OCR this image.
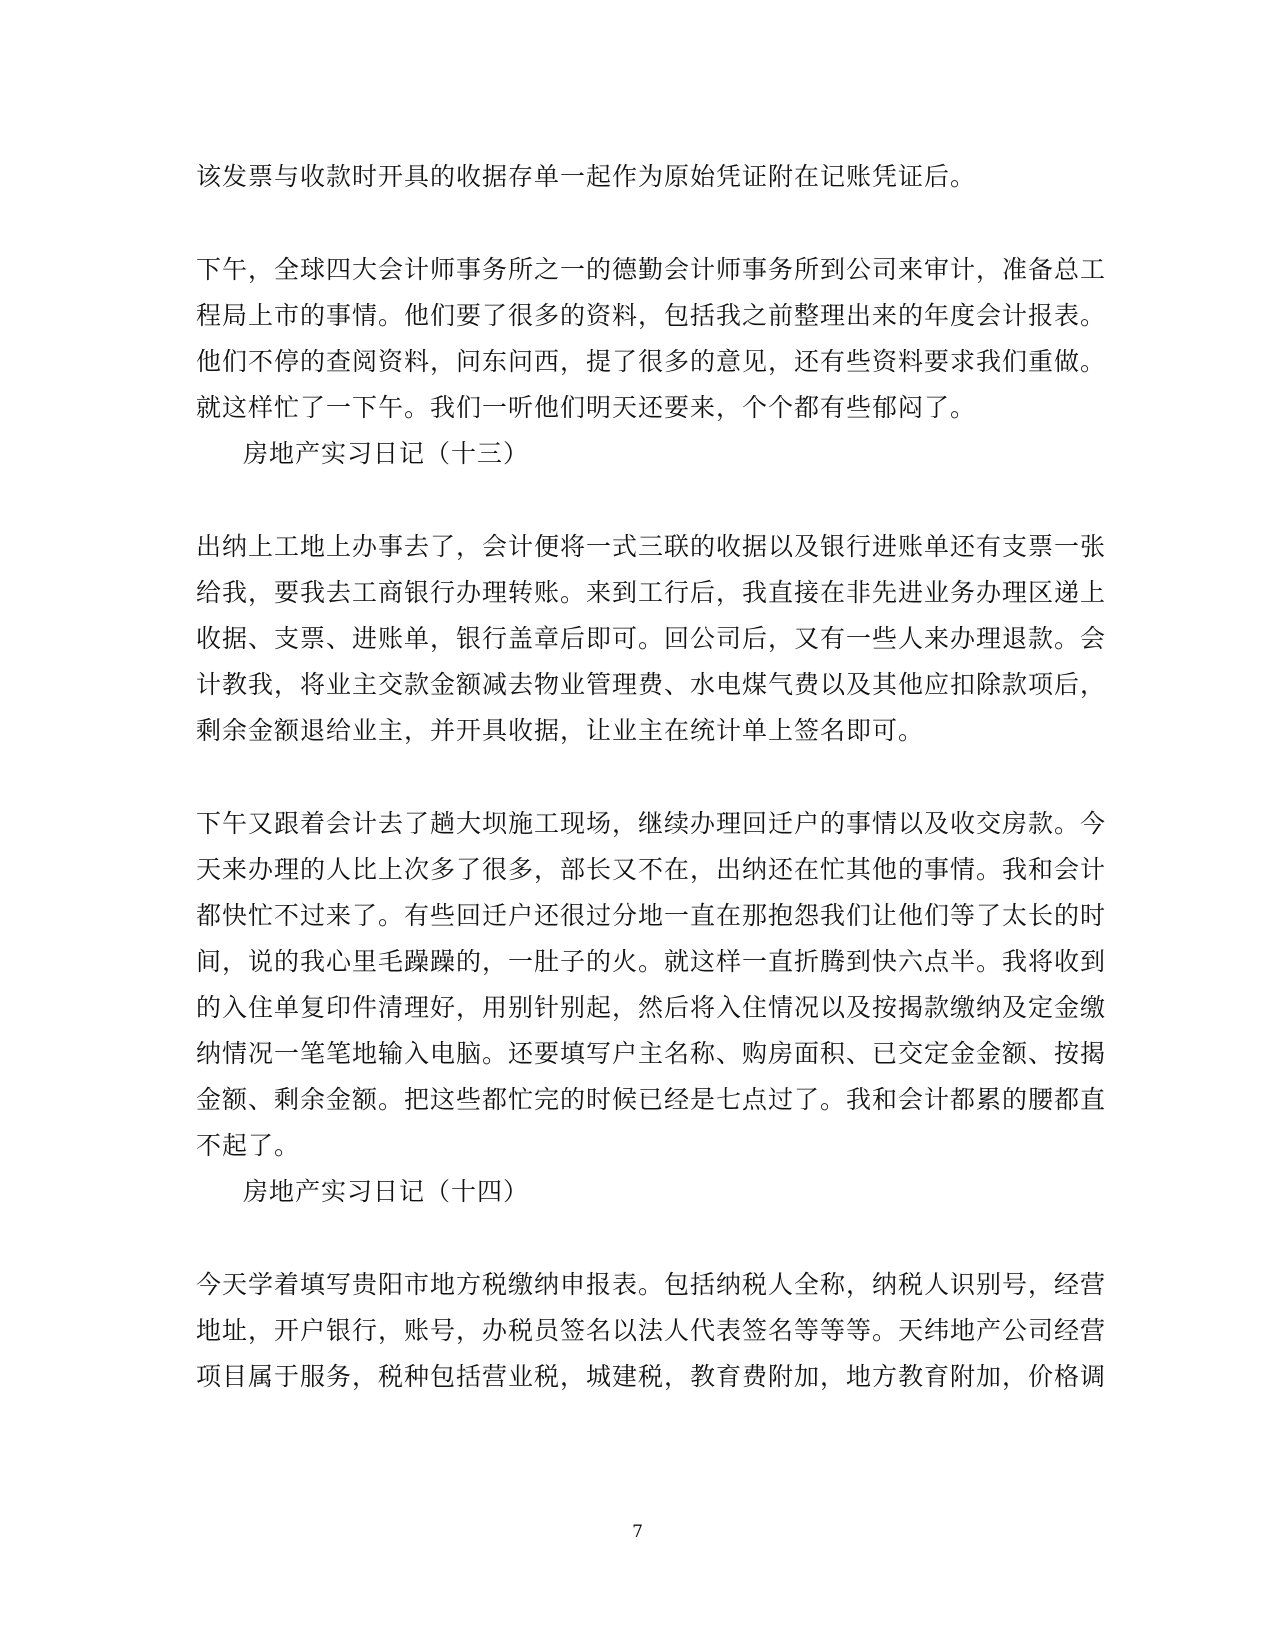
该发票与收款时开具的收据存单一起作为原始凭证附在记账凭证后。
下午，全球四大会计师事务所之一的德勤会计师事务所到公司来审计，准备总工
程局上市的事情。他们要了很多的资料，包括我之前整理出来的年度会计报表。
他们不停的查阅资料，问东问西，提了很多的意见，还有些资料要求我们重做。
就这样忙了一下午。我们一听他们明天还要来，个个都有些郁闷了。
房地产实习日记（十三）
出纳上工地上办事去了，会计便将一式三联的收据以及银行进账单还有支票一张
给我，要我去工商银行办理转账。来到工行后，我直接在非先进业务办理区递上
收据、支票、进账单，银行盖章后即可。回公司后，又有一些人来办理退款。会
计教我，将业主交款金额减去物业管理费、水电煤气费以及其他应扣除款项后，
剩余金额退给业主，并开具收据，让业主在统计单上签名即可。
下午又跟着会计去了趟大坝施工现场，继续办理回迁户的事情以及收交房款。今
天来办理的人比上次多了很多，部长又不在，出纳还在忙其他的事情。我和会计
都快忙不过来了。有些回迁户还很过分地一直在那抱怨我们让他们等了太长的时
间，说的我心里毛躁躁的，一肚子的火。就这样一直折腾到快六点半。我将收到
的入住单复印件清理好，用别针别起，然后将入住情况以及按揭款缴纳及定金缴
纳情况一笔笔地输入电脑。还要填写户主名称、购房面积、已交定金金额、按揭
金额、剩余金额。把这些都忙完的时候已经是七点过了。我和会计都累的腰都直
不起了。
房地产实习日记（十四）
今天学着填写贵阳市地方税缴纳申报表。包括纳税人全称，纳税人识别号，经营
地址，开户银行，账号，办税员签名以法人代表签名等等等。天纬地产公司经营
项目属于服务，税种包括营业税，城建税，教育费附加，地方教育附加，价格调
7
